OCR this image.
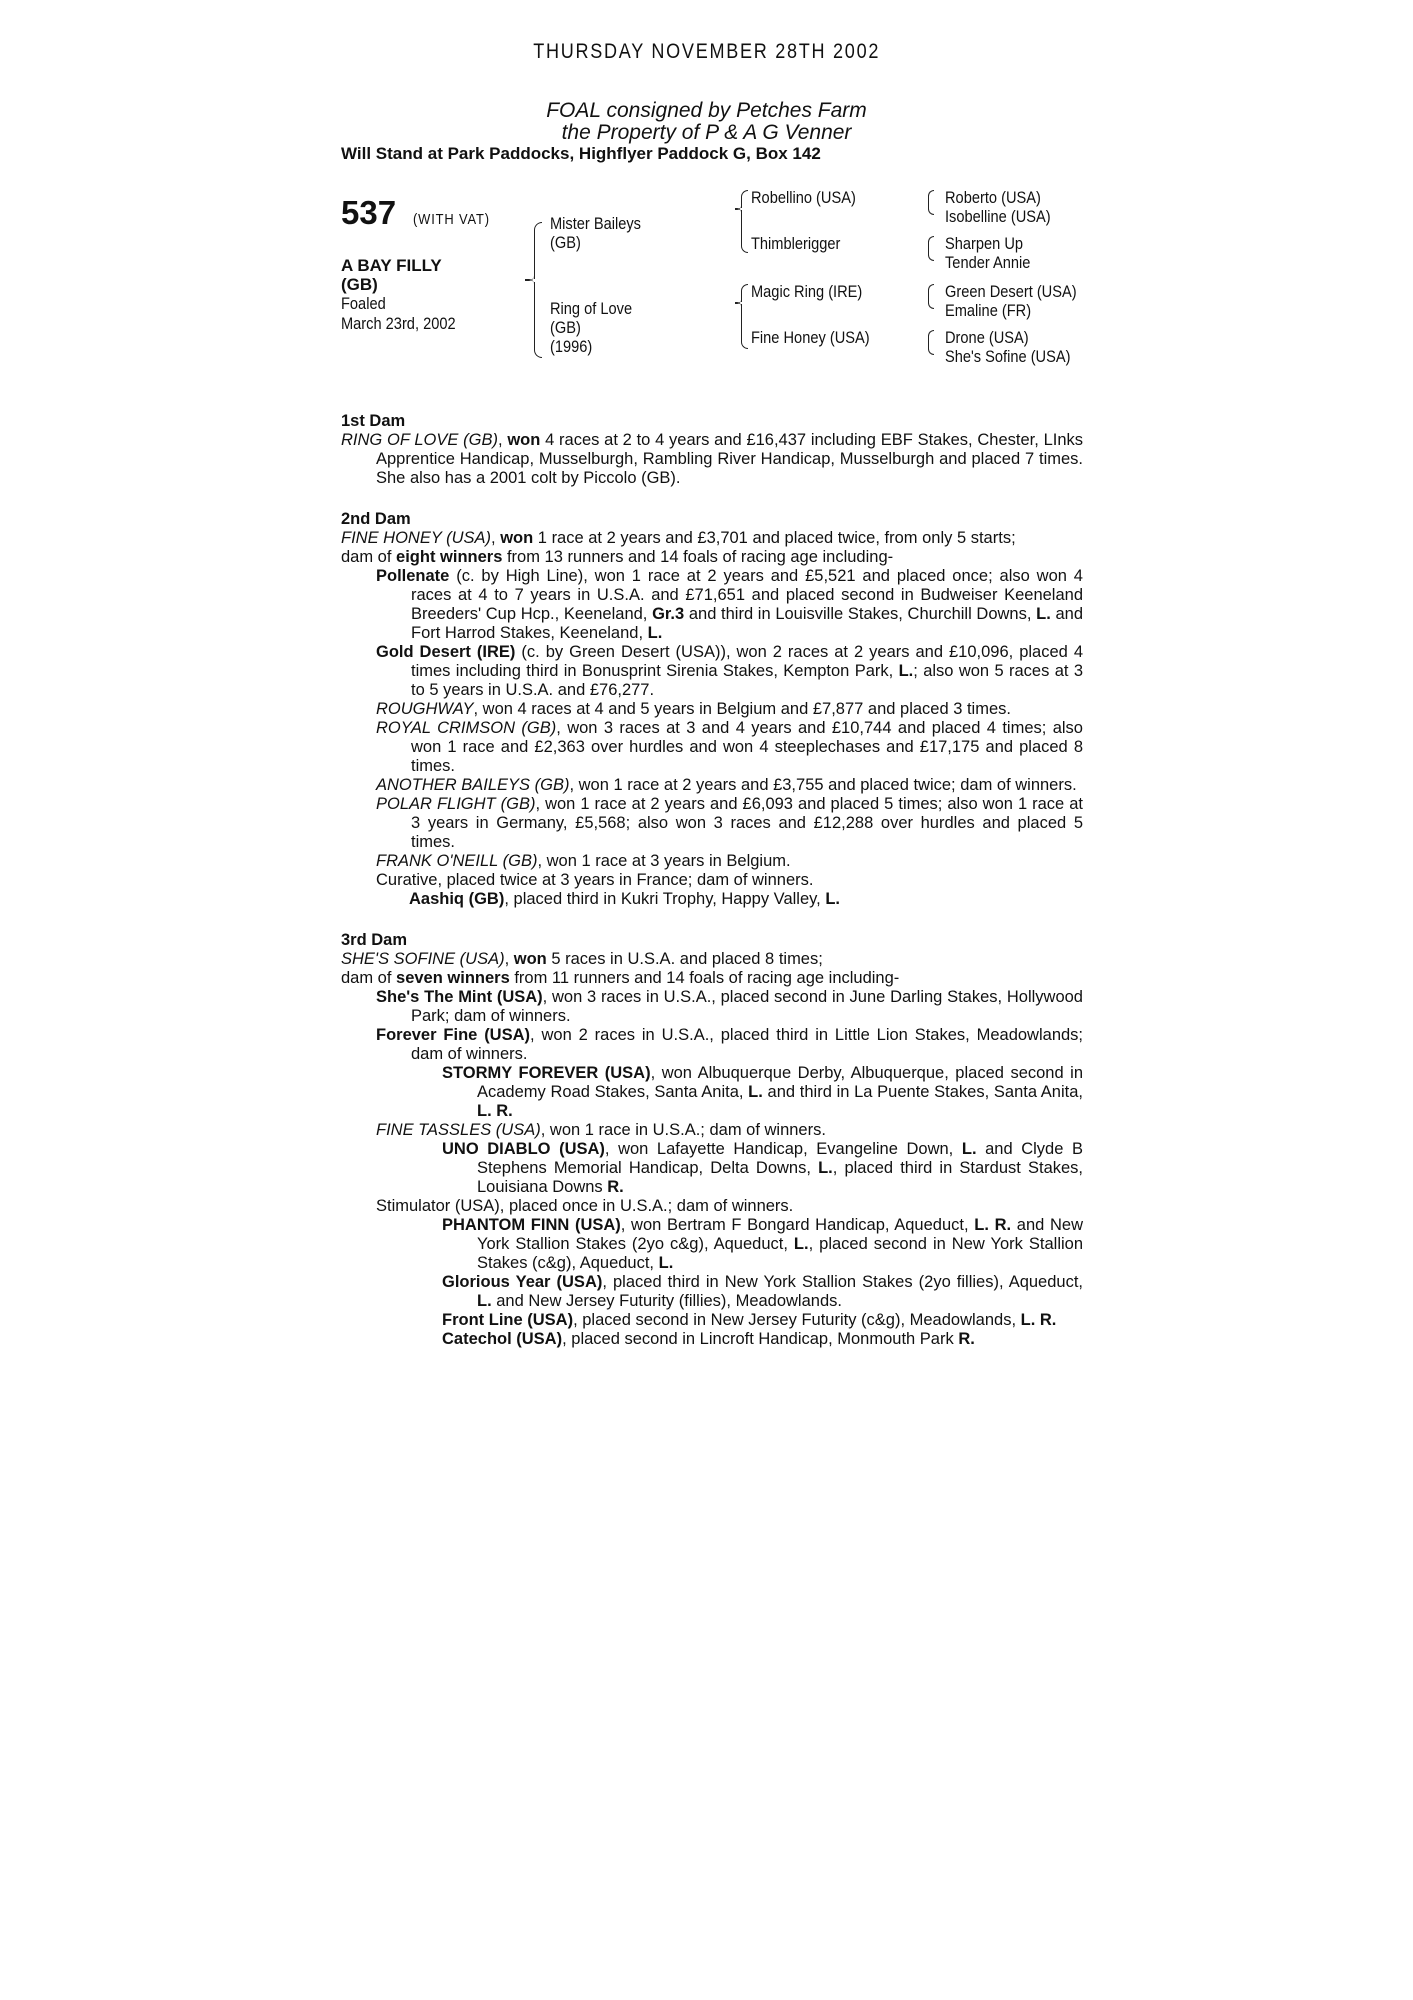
THURSDAY NOVEMBER 28TH 2002
FOAL consigned by Petches Farm
the Property of P & A G Venner
Will Stand at Park Paddocks, Highflyer Paddock G, Box 142
537 (WITH VAT)
A BAY FILLY
(GB)
Foaled
March 23rd, 2002
Mister Baileys
(GB)
Ring of Love
(GB)
(1996)
Robellino (USA)
Thimblerigger
Magic Ring (IRE)
Fine Honey (USA)
Roberto (USA)
Isobelline (USA)
Sharpen Up
Tender Annie
Green Desert (USA)
Emaline (FR)
Drone (USA)
She's Sofine (USA)

1st Dam

RING OF LOVE (GB), won 4 races at 2 to 4 years and £16,437 including EBF Stakes, Chester, LInks Apprentice Handicap, Musselburgh, Rambling River Handicap, Musselburgh and placed 7 times. She also has a 2001 colt by Piccolo (GB).

2nd Dam

FINE HONEY (USA), won 1 race at 2 years and £3,701 and placed twice, from only 5 starts;

dam of eight winners from 13 runners and 14 foals of racing age including-

Pollenate (c. by High Line), won 1 race at 2 years and £5,521 and placed once; also won 4 races at 4 to 7 years in U.S.A. and £71,651 and placed second in Budweiser Keeneland Breeders' Cup Hcp., Keeneland, Gr.3 and third in Louisville Stakes, Churchill Downs, L. and Fort Harrod Stakes, Keeneland, L.

Gold Desert (IRE) (c. by Green Desert (USA)), won 2 races at 2 years and £10,096, placed 4 times including third in Bonusprint Sirenia Stakes, Kempton Park, L.; also won 5 races at 3 to 5 years in U.S.A. and £76,277.

ROUGHWAY, won 4 races at 4 and 5 years in Belgium and £7,877 and placed 3 times.

ROYAL CRIMSON (GB), won 3 races at 3 and 4 years and £10,744 and placed 4 times; also won 1 race and £2,363 over hurdles and won 4 steeplechases and £17,175 and placed 8 times.

ANOTHER BAILEYS (GB), won 1 race at 2 years and £3,755 and placed twice; dam of winners.

POLAR FLIGHT (GB), won 1 race at 2 years and £6,093 and placed 5 times; also won 1 race at 3 years in Germany, £5,568; also won 3 races and £12,288 over hurdles and placed 5 times.

FRANK O'NEILL (GB), won 1 race at 3 years in Belgium.

Curative, placed twice at 3 years in France; dam of winners.

Aashiq (GB), placed third in Kukri Trophy, Happy Valley, L.

3rd Dam

SHE'S SOFINE (USA), won 5 races in U.S.A. and placed 8 times;

dam of seven winners from 11 runners and 14 foals of racing age including-

She's The Mint (USA), won 3 races in U.S.A., placed second in June Darling Stakes, Hollywood Park; dam of winners.

Forever Fine (USA), won 2 races in U.S.A., placed third in Little Lion Stakes, Meadowlands; dam of winners.

STORMY FOREVER (USA), won Albuquerque Derby, Albuquerque, placed second in Academy Road Stakes, Santa Anita, L. and third in La Puente Stakes, Santa Anita, L. R.

FINE TASSLES (USA), won 1 race in U.S.A.; dam of winners.

UNO DIABLO (USA), won Lafayette Handicap, Evangeline Down, L. and Clyde B Stephens Memorial Handicap, Delta Downs, L., placed third in Stardust Stakes, Louisiana Downs R.

Stimulator (USA), placed once in U.S.A.; dam of winners.

PHANTOM FINN (USA), won Bertram F Bongard Handicap, Aqueduct, L. R. and New York Stallion Stakes (2yo c&g), Aqueduct, L., placed second in New York Stallion Stakes (c&g), Aqueduct, L.

Glorious Year (USA), placed third in New York Stallion Stakes (2yo fillies), Aqueduct, L. and New Jersey Futurity (fillies), Meadowlands.

Front Line (USA), placed second in New Jersey Futurity (c&g), Meadowlands, L. R.

Catechol (USA), placed second in Lincroft Handicap, Monmouth Park R.
